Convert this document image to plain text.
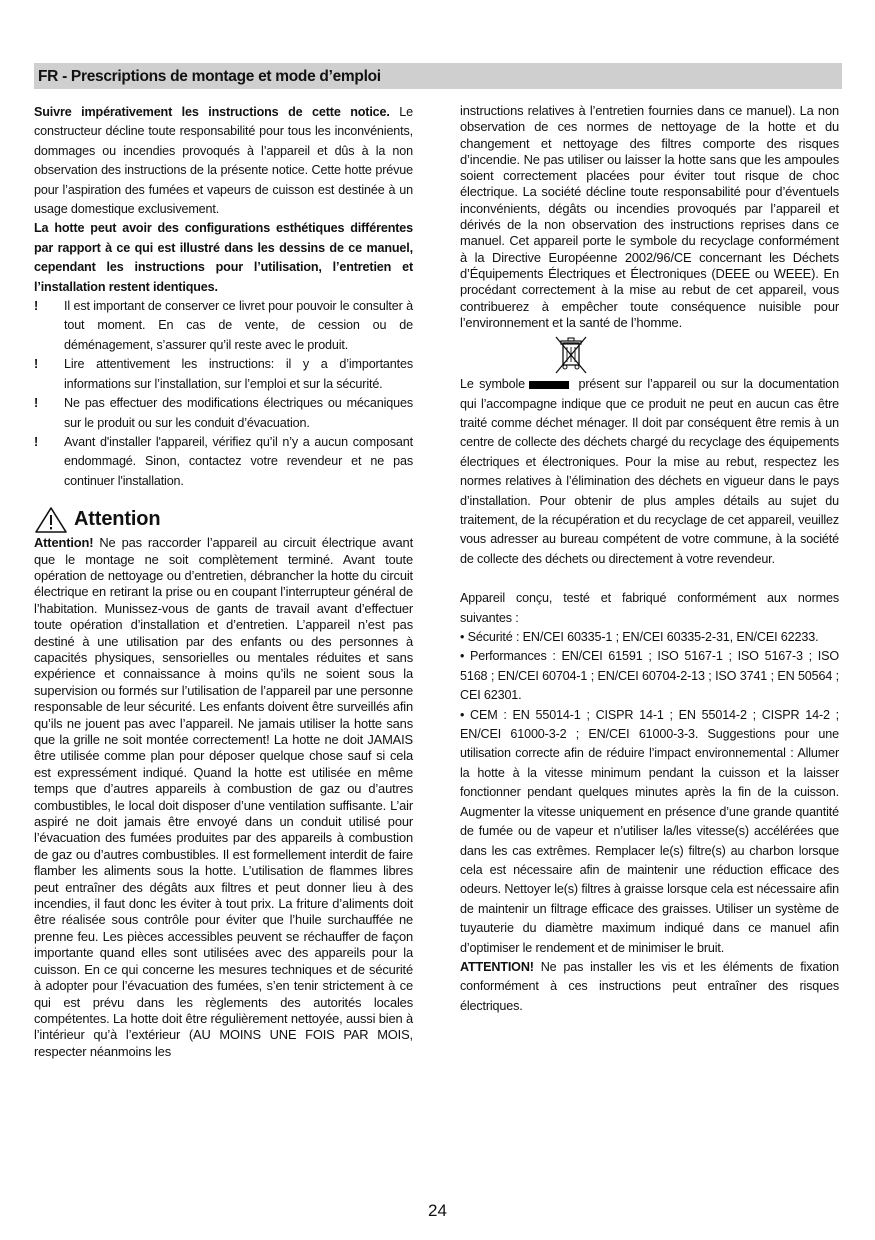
FR - Prescriptions de montage et mode d’emploi

Suivre impérativement les instructions de cette notice. Le constructeur décline toute responsabilité pour tous les inconvénients, dommages ou incendies provoqués à l’appareil et dûs à la non observation des instructions de la présente notice. Cette hotte prévue pour l’aspiration des fumées et vapeurs de cuisson est destinée à un usage domestique exclusivement.

La hotte peut avoir des configurations esthétiques différentes par rapport à ce qui est illustré dans les dessins de ce manuel, cependant les instructions pour l’utilisation, l’entretien et l’installation restent identiques.

!	Il est important de conserver ce livret pour pouvoir le consulter à tout moment. En cas de vente, de cession ou de déménagement, s’assurer qu’il reste avec le produit.
!	Lire attentivement les instructions: il y a d’importantes informations sur l’installation, sur l’emploi et sur la sécurité.
!	Ne pas effectuer des modifications électriques ou mécaniques sur le produit ou sur les conduit d’évacuation.
!	Avant d'installer l'appareil, vérifiez qu’il n’y a aucun composant endommagé. Sinon, contactez votre revendeur et ne pas continuer l'installation.
Attention

Attention! Ne pas raccorder l’appareil au circuit électrique avant que le montage ne soit complètement terminé. Avant toute opération de nettoyage ou d’entretien, débrancher la hotte du circuit électrique en retirant la prise ou en coupant l’interrupteur général de l’habitation. Munissez-vous de gants de travail avant d’effectuer toute opération d’installation et d’entretien. L’appareil n’est pas destiné à une utilisation par des enfants ou des personnes à capacités physiques, sensorielles ou mentales réduites et sans expérience et connaissance à moins qu’ils ne soient sous la supervision ou formés sur l’utilisation de l’appareil par une personne responsable de leur sécurité. Les enfants doivent être surveillés afin qu’ils ne jouent pas avec l’appareil. Ne jamais utiliser la hotte sans que la grille ne soit montée correctement! La hotte ne doit JAMAIS être utilisée comme plan pour déposer quelque chose sauf si cela est expressément indiqué. Quand la hotte est utilisée en même temps que d’autres appareils à combustion de gaz ou d’autres combustibles, le local doit disposer d’une ventilation suffisante. L’air aspiré ne doit jamais être envoyé dans un conduit utilisé pour l’évacuation des fumées produites par des appareils à combustion de gaz ou d’autres combustibles. Il est formellement interdit de faire flamber les aliments sous la hotte. L’utilisation de flammes libres peut entraîner des dégâts aux filtres et peut donner lieu à des incendies, il faut donc les éviter à tout prix. La friture d’aliments doit être réalisée sous contrôle pour éviter que l’huile surchauffée ne prenne feu. Les pièces accessibles peuvent se réchauffer de façon importante quand elles sont utilisées avec des appareils pour la cuisson. En ce qui concerne les mesures techniques et de sécurité à adopter pour l’évacuation des fumées, s’en tenir strictement à ce qui est prévu dans les règlements des autorités locales compétentes. La hotte doit être régulièrement nettoyée, aussi bien à l’intérieur qu’à l’extérieur (AU MOINS UNE FOIS PAR MOIS, respecter néanmoins les

instructions relatives à l’entretien fournies dans ce manuel). La non observation de ces normes de nettoyage de la hotte et du changement et nettoyage des filtres comporte des risques d’incendie. Ne pas utiliser ou laisser la hotte sans que les ampoules soient correctement placées pour éviter tout risque de choc électrique. La société décline toute responsabilité pour d’éventuels inconvénients, dégâts ou incendies provoqués par l’appareil et dérivés de la non observation des instructions reprises dans ce manuel. Cet appareil porte le symbole du recyclage conformément à la Directive Européenne 2002/96/CE concernant les Déchets d’Équipements Électriques et Électroniques (DEEE ou WEEE). En procédant correctement à la mise au rebut de cet appareil, vous contribuerez à empêcher toute conséquence nuisible pour l’environnement et la santé de l’homme.

Le symbole	présent sur l’appareil ou sur la documentation qui l’accompagne indique que ce produit ne peut en aucun cas être traité comme déchet ménager. Il doit par conséquent être remis à un centre de collecte des déchets chargé du recyclage des équipements électriques et électroniques. Pour la mise au rebut, respectez les normes relatives à l’élimination des déchets en vigueur dans le pays d’installation. Pour obtenir de plus amples détails au sujet du traitement, de la récupération et du recyclage de cet appareil, veuillez vous adresser au bureau compétent de votre commune, à la société de collecte des déchets ou directement à votre revendeur.

Appareil conçu, testé et fabriqué conformément aux normes suivantes :

• Sécurité : EN/CEI 60335-1 ; EN/CEI 60335-2-31, EN/CEI 62233.

• Performances : EN/CEI 61591 ; ISO 5167-1 ; ISO 5167-3 ; ISO 5168 ; EN/CEI 60704-1 ; EN/CEI 60704-2-13 ; ISO 3741 ; EN 50564 ; CEI 62301.

• CEM : EN 55014-1 ; CISPR 14-1 ; EN 55014-2 ; CISPR 14-2 ; EN/CEI 61000-3-2 ; EN/CEI 61000-3-3. Suggestions pour une utilisation correcte afin de réduire l’impact environnemental : Allumer la hotte à la vitesse minimum pendant la cuisson et la laisser fonctionner pendant quelques minutes après la fin de la cuisson. Augmenter la vitesse uniquement en présence d’une grande quantité de fumée ou de vapeur et n’utiliser la/les vitesse(s) accélérées que dans les cas extrêmes. Remplacer le(s) filtre(s) au charbon lorsque cela est nécessaire afin de maintenir une réduction efficace des odeurs. Nettoyer le(s) filtres à graisse lorsque cela est nécessaire afin de maintenir un filtrage efficace des graisses. Utiliser un système de tuyauterie du diamètre maximum indiqué dans ce manuel afin d’optimiser le rendement et de minimiser le bruit.

ATTENTION! Ne pas installer les vis et les éléments de fixation conformément à ces instructions peut entraîner des risques électriques.

24
